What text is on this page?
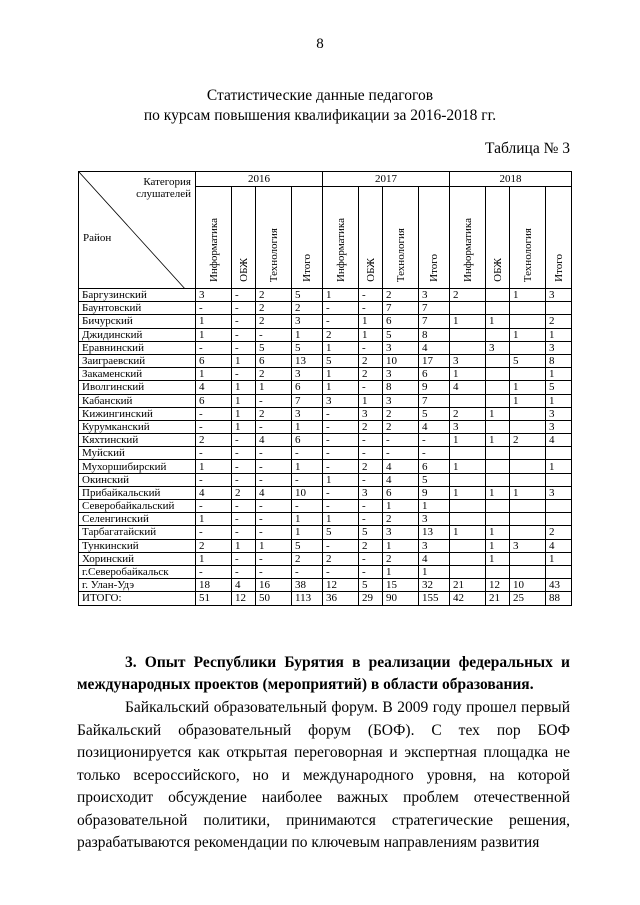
8
Статистические данные педагогов
по курсам повышения квалификации за 2016-2018 гг.
Таблица № 3
Категория
слушателей
Район	2016				2017				2018			

	Информатика	ОБЖ	Технология	Итого	Информатика	ОБЖ	Технология	Итого	Информатика	ОБЖ	Технология	Итого

Баргузинский	3	-	2	5	1	-	2	3	2		1	3
Баунтовский	-	-	2	2	-	-	7	7				
Бичурский	1	-	2	3	-	1	6	7	1	1		2
Джидинский	1	-	-	1	2	1	5	8			1	1
Еравнинский	-	-	5	5	1	-	3	4		3		3
Заиграевский	6	1	6	13	5	2	10	17	3		5	8
Закаменский	1	-	2	3	1	2	3	6	1			1
Иволгинский	4	1	1	6	1	-	8	9	4		1	5
Кабанский	6	1	-	7	3	1	3	7			1	1
Кижингинский	-	1	2	3	-	3	2	5	2	1		3
Курумканский	-	1	-	1	-	2	2	4	3			3
Кяхтинский	2	-	4	6	-	-	-	-	1	1	2	4
Муйский	-	-	-	-	-	-	-	-				
Мухоршибирский	1	-	-	1	-	2	4	6	1			1
Окинский	-	-	-	-	1	-	4	5				
Прибайкальский	4	2	4	10	-	3	6	9	1	1	1	3
Северобайкальский	-	-	-	-	-	-	1	1				
Селенгинский	1	-	-	1	1	-	2	3				
Тарбагатайский	-	-	-	1	5	5	3	13	1	1		2
Тункинский	2	1	1	5	-	2	1	3		1	3	4
Хоринский	1	-	-	2	2	-	2	4		1		1
г.Северобайкальск	-	-	-	-	-	-	1	1				
г. Улан-Удэ	18	4	16	38	12	5	15	32	21	12	10	43
ИТОГО:	51	12	50	113	36	29	90	155	42	21	25	88
3. Опыт Республики Бурятия в реализации федеральных и международных проектов (мероприятий) в области образования.
Байкальский образовательный форум. В 2009 году прошел первый Байкальский образовательный форум (БОФ). С тех пор БОФ позиционируется как открытая переговорная и экспертная площадка не только всероссийского, но и международного уровня, на которой происходит обсуждение наиболее важных проблем отечественной образовательной политики, принимаются стратегические решения, разрабатываются рекомендации по ключевым направлениям развития
